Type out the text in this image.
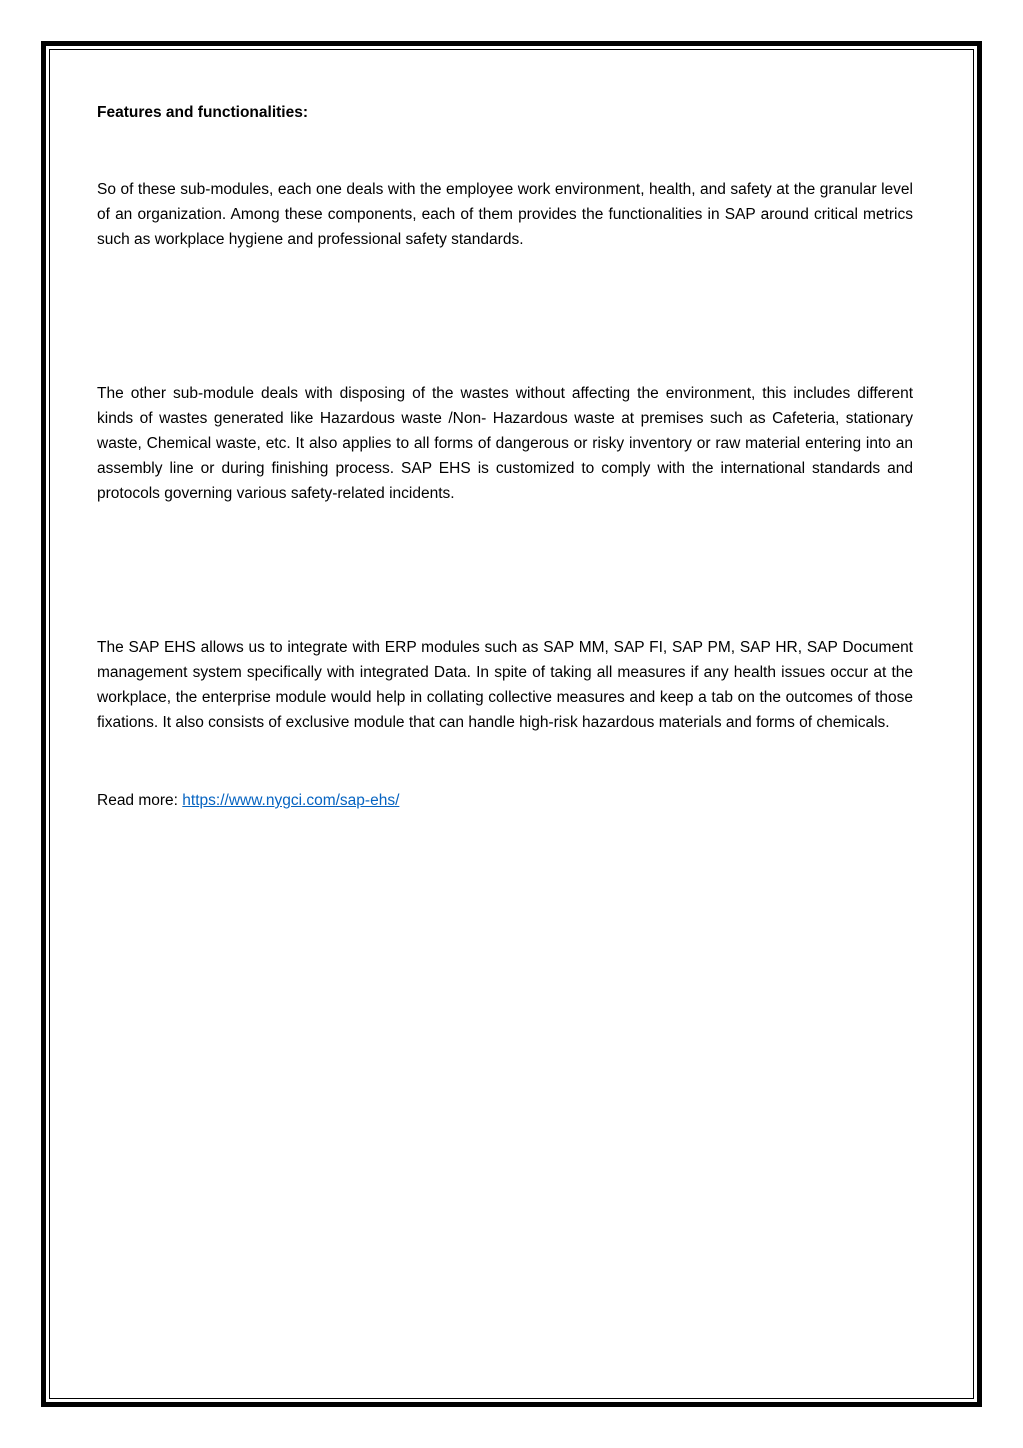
Features and functionalities:

So of these sub-modules, each one deals with the employee work environment, health, and safety at the granular level of an organization. Among these components, each of them provides the functionalities in SAP around critical metrics such as workplace hygiene and professional safety standards.

The other sub-module deals with disposing of the wastes without affecting the environment, this includes different kinds of wastes generated like Hazardous waste /Non- Hazardous waste at premises such as Cafeteria, stationary waste, Chemical waste, etc. It also applies to all forms of dangerous or risky inventory or raw material entering into an assembly line or during finishing process. SAP EHS is customized to comply with the international standards and protocols governing various safety-related incidents.

The SAP EHS allows us to integrate with ERP modules such as SAP MM, SAP FI, SAP PM, SAP HR, SAP Document management system specifically with integrated Data. In spite of taking all measures if any health issues occur at the workplace, the enterprise module would help in collating collective measures and keep a tab on the outcomes of those fixations. It also consists of exclusive module that can handle high-risk hazardous materials and forms of chemicals.

Read more: https://www.nygci.com/sap-ehs/
